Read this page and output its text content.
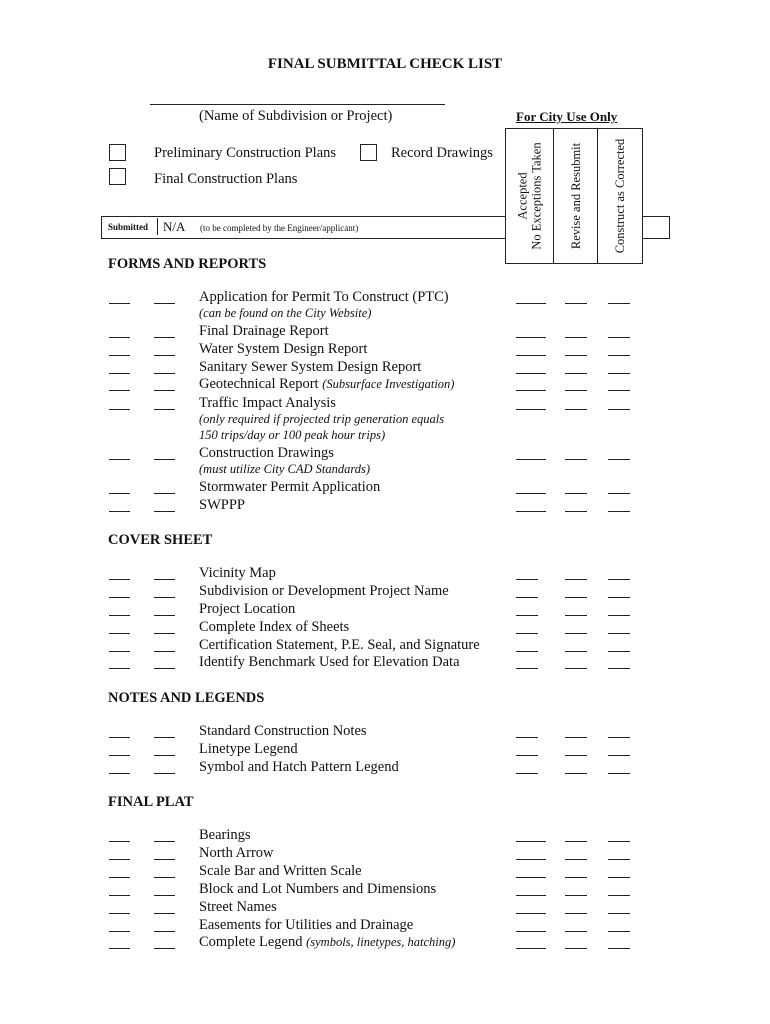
FINAL SUBMITTAL CHECK LIST
(Name of Subdivision or Project)	For City Use Only
Preliminary Construction Plans	Record Drawings
Final Construction Plans
Submitted N/A (to be completed by the Engineer/applicant)
Accepted No Exceptions Taken Revise and Resubmit Construct as Corrected
FORMS AND REPORTS
Application for Permit To Construct (PTC)
(can be found on the City Website)
Final Drainage Report
Water System Design Report
Sanitary Sewer System Design Report
Geotechnical Report (Subsurface Investigation)
Traffic Impact Analysis
(only required if projected trip generation equals
150 trips/day or 100 peak hour trips)
Construction Drawings
(must utilize City CAD Standards)
Stormwater Permit Application
SWPPP
COVER SHEET
Vicinity Map
Subdivision or Development Project Name
Project Location
Complete Index of Sheets
Certification Statement, P.E. Seal, and Signature
Identify Benchmark Used for Elevation Data
NOTES AND LEGENDS
Standard Construction Notes
Linetype Legend
Symbol and Hatch Pattern Legend
FINAL PLAT
Bearings
North Arrow
Scale Bar and Written Scale
Block and Lot Numbers and Dimensions
Street Names
Easements for Utilities and Drainage
Complete Legend (symbols, linetypes, hatching)
